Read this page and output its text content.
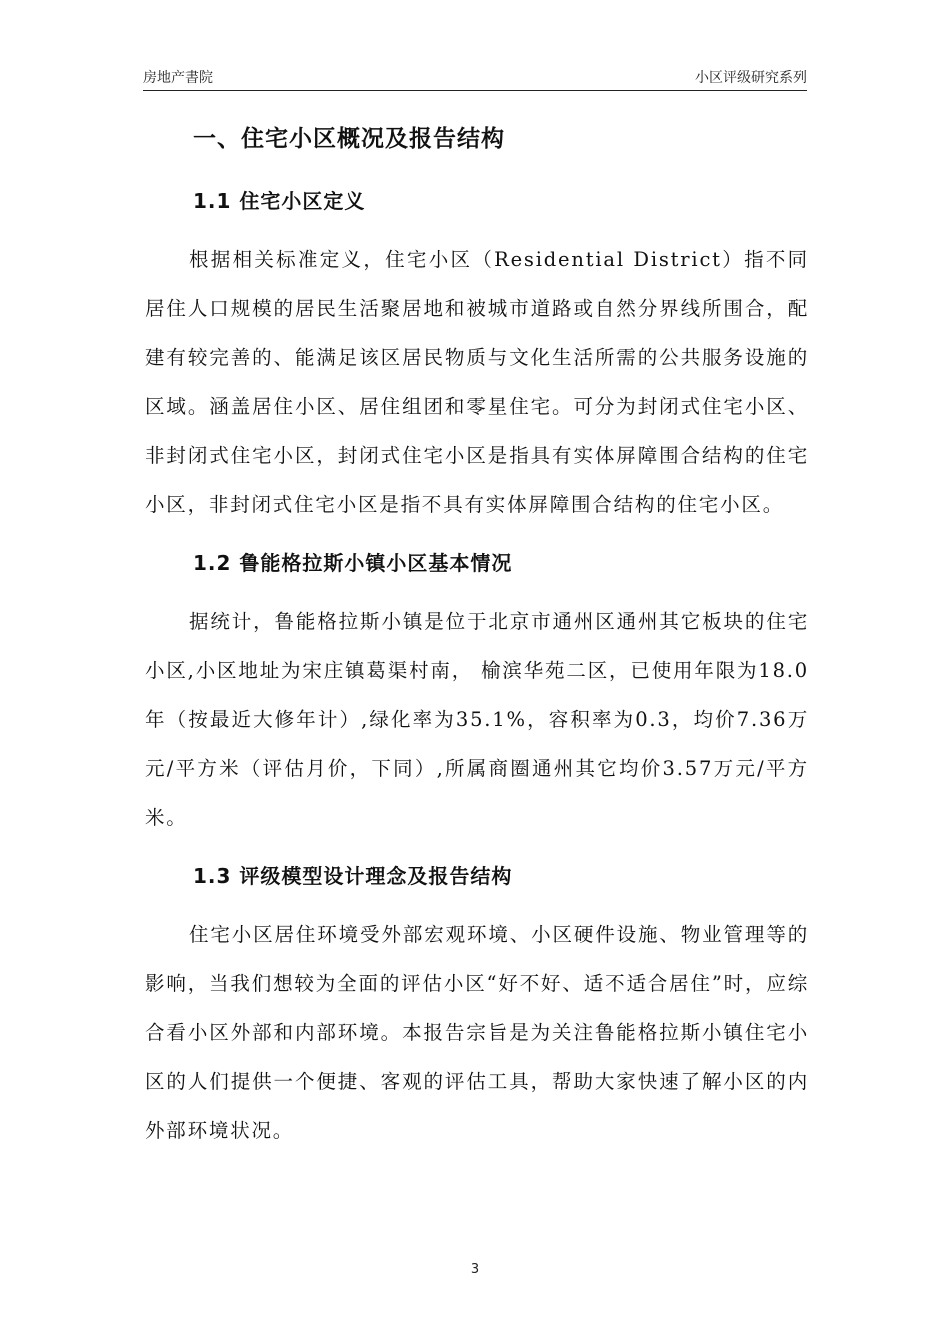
房地产書院	小区评级研究系列
一、住宅小区概况及报告结构
1.1 住宅小区定义

根据相关标准定义，住宅小区（Residential District）指不同居住人口规模的居民生活聚居地和被城市道路或自然分界线所围合，配建有较完善的、能满足该区居民物质与文化生活所需的公共服务设施的区域。涵盖居住小区、居住组团和零星住宅。可分为封闭式住宅小区、非封闭式住宅小区，封闭式住宅小区是指具有实体屏障围合结构的住宅小区，非封闭式住宅小区是指不具有实体屏障围合结构的住宅小区。

1.2 鲁能格拉斯小镇小区基本情况

据统计，鲁能格拉斯小镇是位于北京市通州区通州其它板块的住宅小区,小区地址为宋庄镇葛渠村南， 榆滨华苑二区，已使用年限为18.0年（按最近大修年计）,绿化率为35.1%，容积率为0.3，均价7.36万元/平方米（评估月价，下同）,所属商圈通州其它均价3.57万元/平方米。

1.3 评级模型设计理念及报告结构

住宅小区居住环境受外部宏观环境、小区硬件设施、物业管理等的影响，当我们想较为全面的评估小区“好不好、适不适合居住”时，应综合看小区外部和内部环境。本报告宗旨是为关注鲁能格拉斯小镇住宅小区的人们提供一个便捷、客观的评估工具，帮助大家快速了解小区的内外部环境状况。

3
